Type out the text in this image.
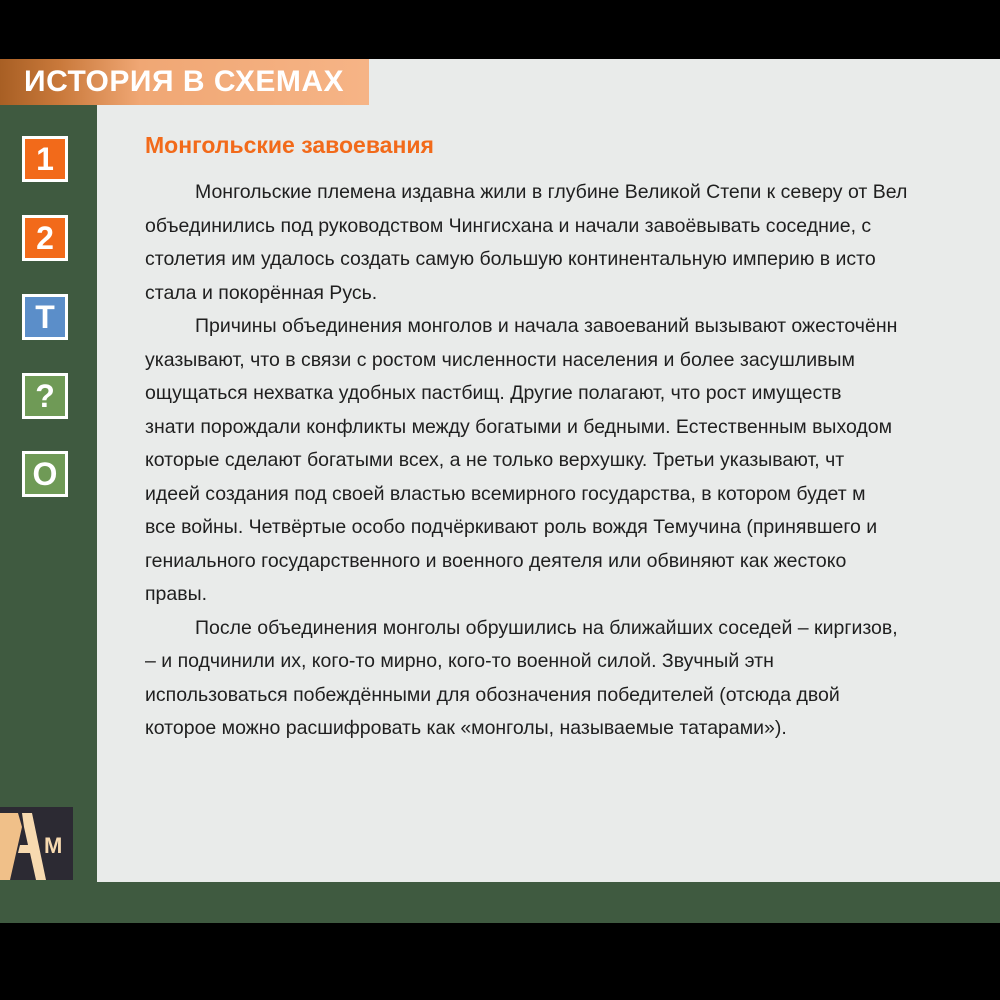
Монгольские завоевания

Монгольские племена издавна жили в глубине Великой Степи к северу от Вел
объединились под руководством Чингисхана и начали завоёвывать соседние, с
столетия им удалось создать самую большую континентальную империю в исто
стала и покорённая Русь.

Причины объединения монголов и начала завоеваний вызывают ожесточённ
указывают, что в связи с ростом численности населения и более засушливым
ощущаться нехватка удобных пастбищ. Другие полагают, что рост имуществ
знати порождали конфликты между богатыми и бедными. Естественным выходом
которые сделают богатыми всех, а не только верхушку. Третьи указывают, чт
идеей создания под своей властью всемирного государства, в котором будет м
все войны. Четвёртые особо подчёркивают роль вождя Темучина (принявшего и
гениального государственного и военного деятеля или обвиняют как жестоко
правы.

После объединения монголы обрушились на ближайших соседей – киргизов,
– и подчинили их, кого-то мирно, кого-то военной силой. Звучный этн
использоваться побеждёнными для обозначения победителей (отсюда двой
которое можно расшифровать как «монголы, называемые татарами»).

ИСТОРИЯ В СХЕМАХ
1
2
Т
?
О
М
